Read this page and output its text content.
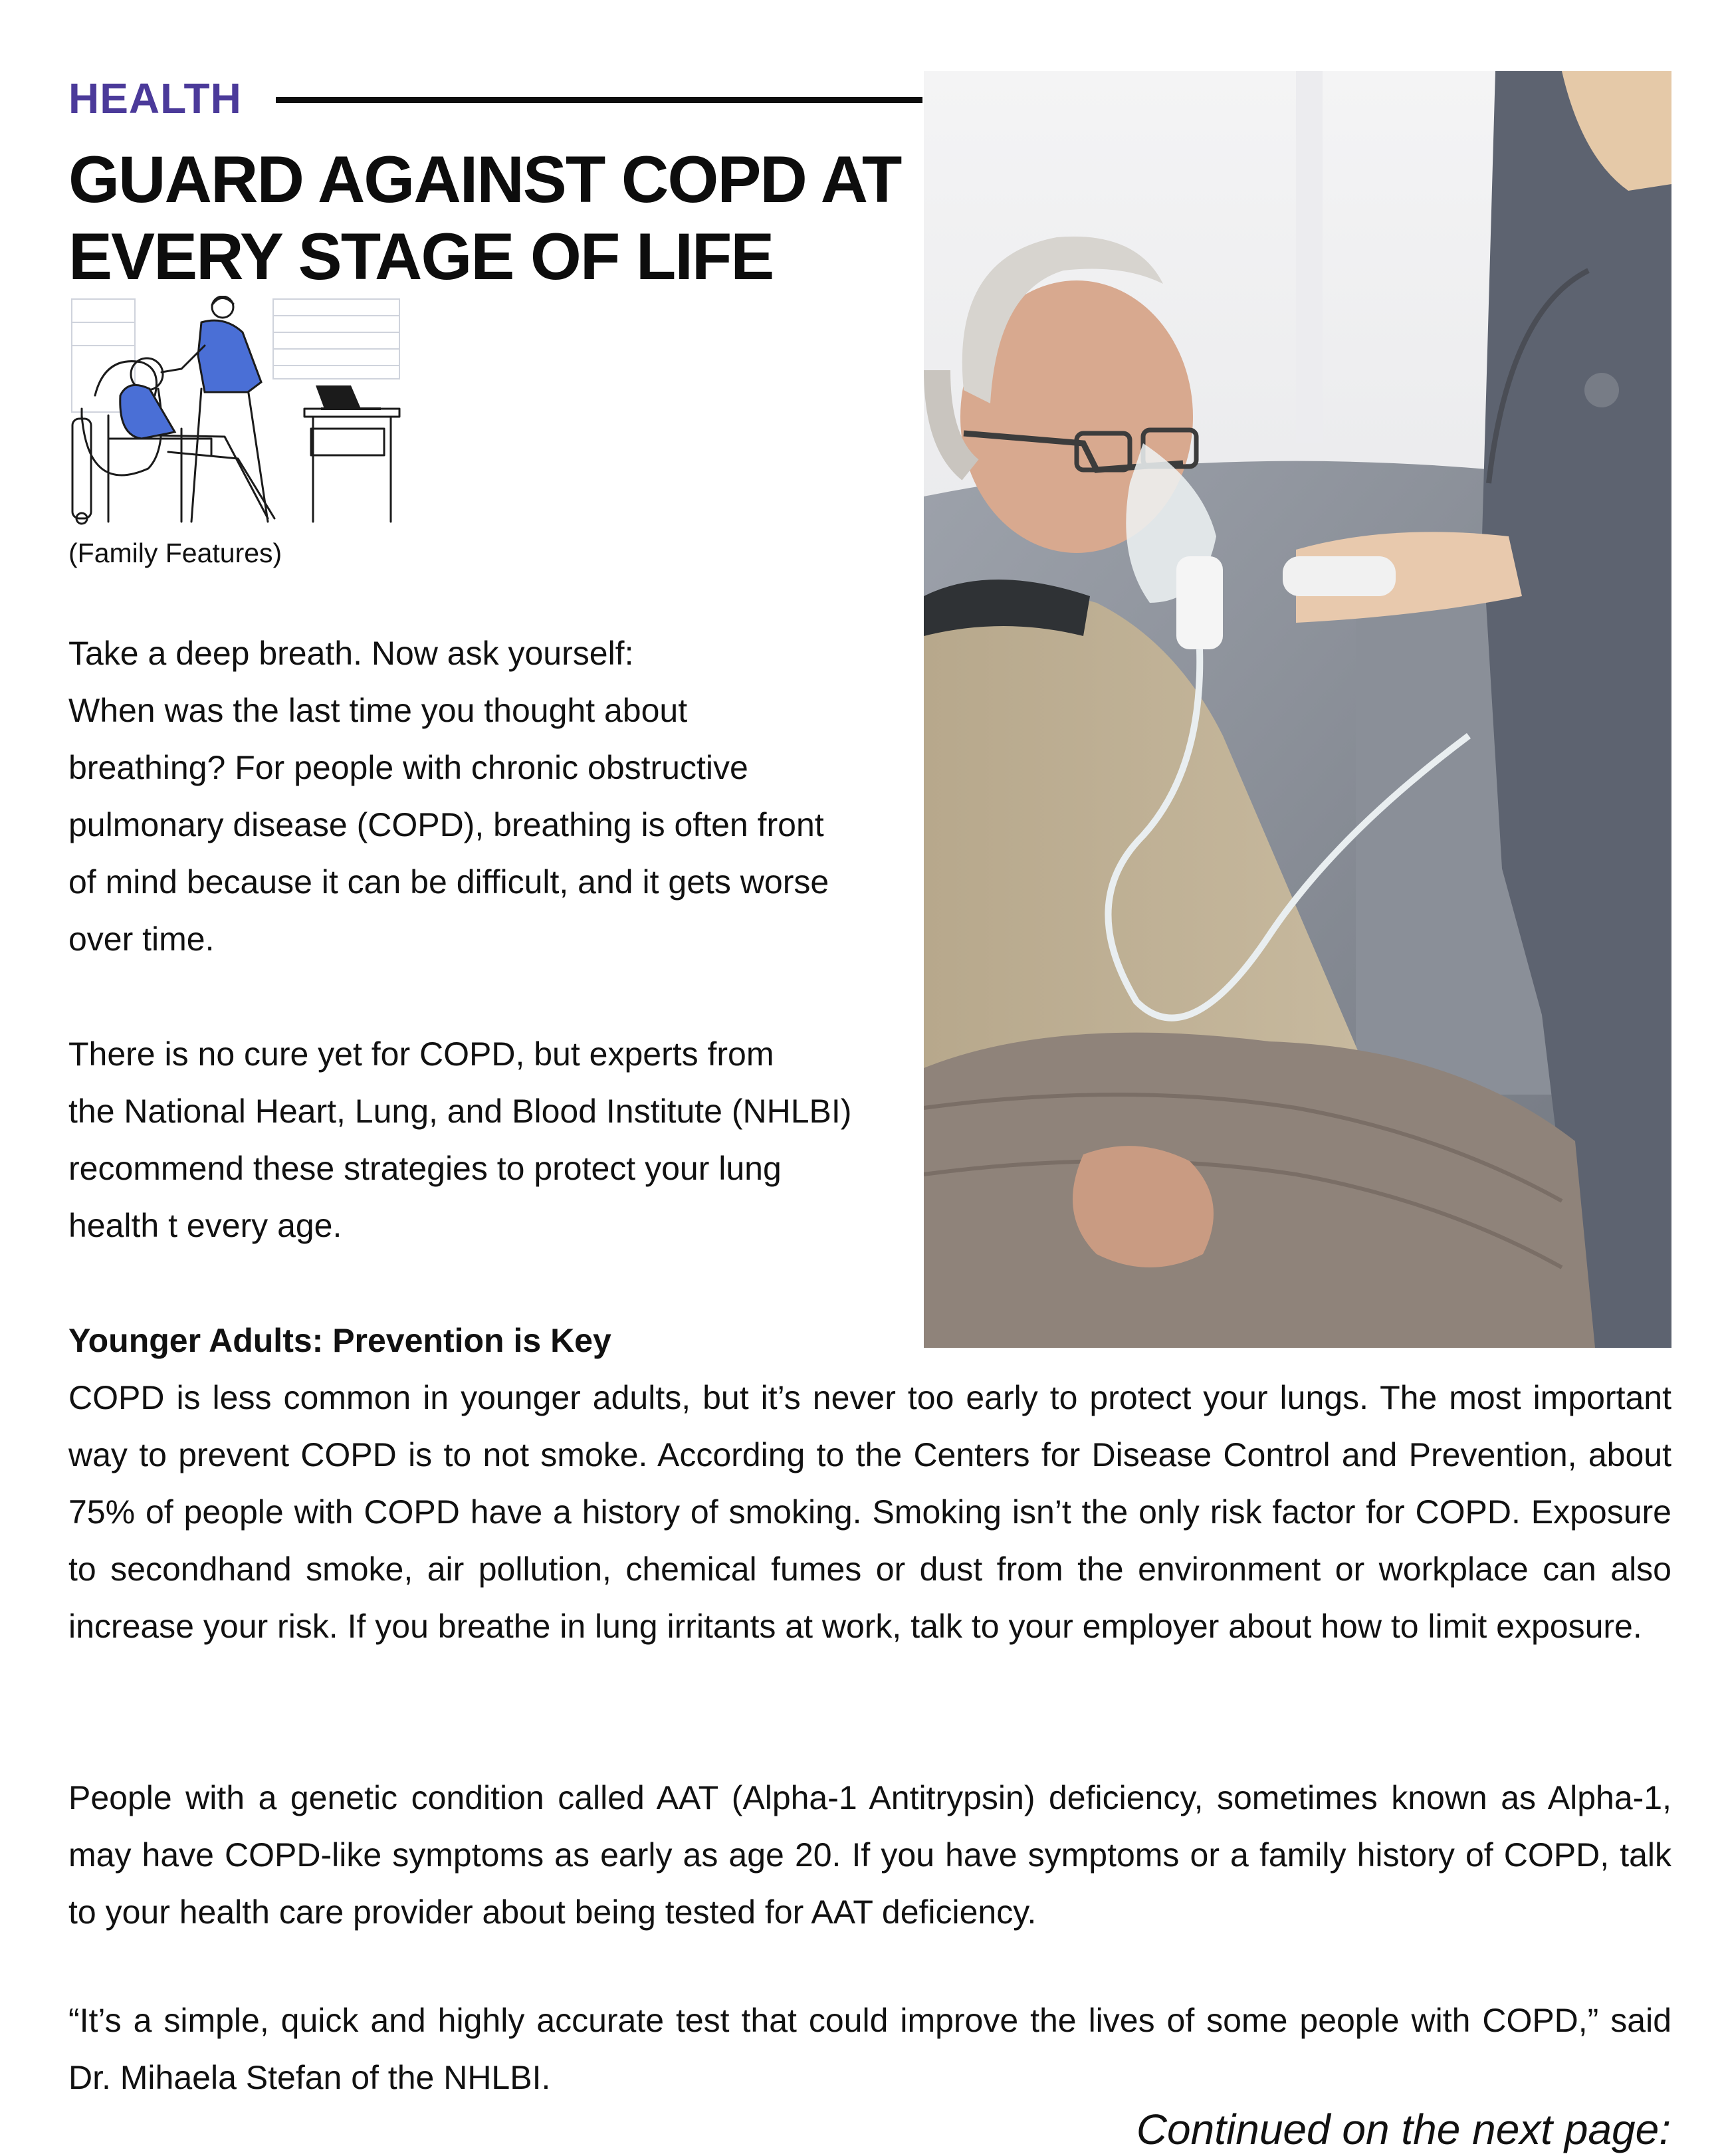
HEALTH
GUARD AGAINST COPD AT
EVERY STAGE OF LIFE
(Family Features)

Take a deep breath. Now ask yourself:
When was the last time you thought about
breathing? For people with chronic obstructive
pulmonary disease (COPD), breathing is often front
of mind because it can be difficult, and it gets worse
over time.

There is no cure yet for COPD, but experts from
the National Heart, Lung, and Blood Institute (NHLBI)
recommend these strategies to protect your lung
health t every age.

Younger Adults: Prevention is Key

COPD is less common in younger adults, but it’s never too early to protect your lungs. The most important way to prevent COPD is to not smoke. According to the Centers for Disease Control and Prevention, about 75% of people with COPD have a history of smoking. Smoking isn’t the only risk factor for COPD. Exposure to secondhand smoke, air pollution, chemical fumes or dust from the environment or workplace can also increase your risk. If you breathe in lung irritants at work, talk to your employer about how to limit exposure.

People with a genetic condition called AAT (Alpha-1 Antitrypsin) deficiency, sometimes known as Alpha-1, may have COPD-like symptoms as early as age 20. If you have symptoms or a family history of COPD, talk to your health care provider about being tested for AAT deficiency.

“It’s a simple, quick and highly accurate test that could improve the lives of some people with COPD,” said Dr. Mihaela Stefan of the NHLBI.

Continued on the next page:
